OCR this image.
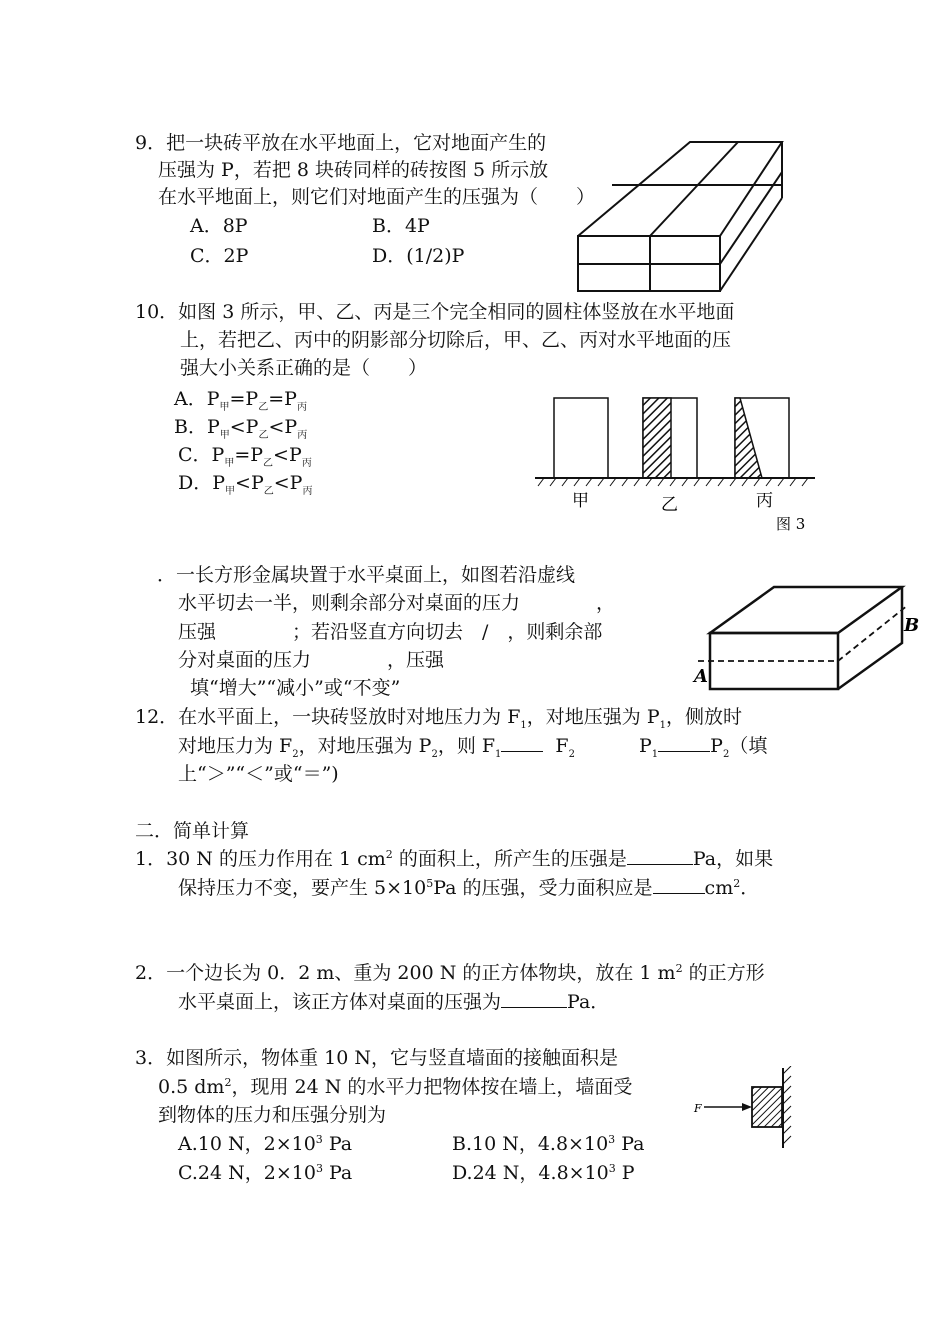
9．把一块砖平放在水平地面上，它对地面产生的
压强为 P，若把 8 块砖同样的砖按图 5 所示放
在水平地面上，则它们对地面产生的压强为（　　）
A．8P	B．4P
C．2P	D．(1/2)P
10．如图 3 所示，甲、乙、丙是三个完全相同的圆柱体竖放在水平地面
上，若把乙、丙中的阴影部分切除后，甲、乙、丙对水平地面的压
强大小关系正确的是（　　）
A．$P_甲=P_乙=P_丙$
B．$P_甲<P_乙<P_丙$
C．$P_甲=P_乙<P_丙$
D．$P_甲<P_乙<P_丙$	甲	乙	丙
图 3
．一长方形金属块置于水平桌面上，如图若沿虚线
水平切去一半，则剩余部分对桌面的压力　　　　，
压强　　　　；若沿竖直方向切去　/　，则剩余部
分对桌面的压力　　　　，压强
填“增大”“减小”或“不变”
A
B
12．在水平面上，一块砖竖放时对地压力为 $F_1$，对地压强为 $P_1$，侧放时
对地压力为 $F_2$，对地压强为 $P_2$，则 $F_1$	$F_2$	$P_1$	$P_2$（填
上“＞”“＜”或“＝”)
二．简单计算
1．30 N 的压力作用在 1 $cm^2$ 的面积上，所产生的压强是	Pa，如果
保持压力不变，要产生 $5\times 10^5Pa$ 的压强，受力面积应是	$cm^2$．
2．一个边长为 0．2 m、重为 200 N 的正方体物块，放在 1 $m^2$ 的正方形
水平桌面上，该正方体对桌面的压强为	Pa．
3．如图所示，物体重 10 N，它与竖直墙面的接触面积是
0.5 $dm^2$，现用 24 N 的水平力把物体按在墙上，墙面受
到物体的压力和压强分别为
A.10 N，$2\times 10^3$ Pa	B.10 N，$4.8\times 10^3$ Pa
C.24 N，$2\times 10^3$ Pa	D.24 N，$4.8\times 10^3$ P
F
